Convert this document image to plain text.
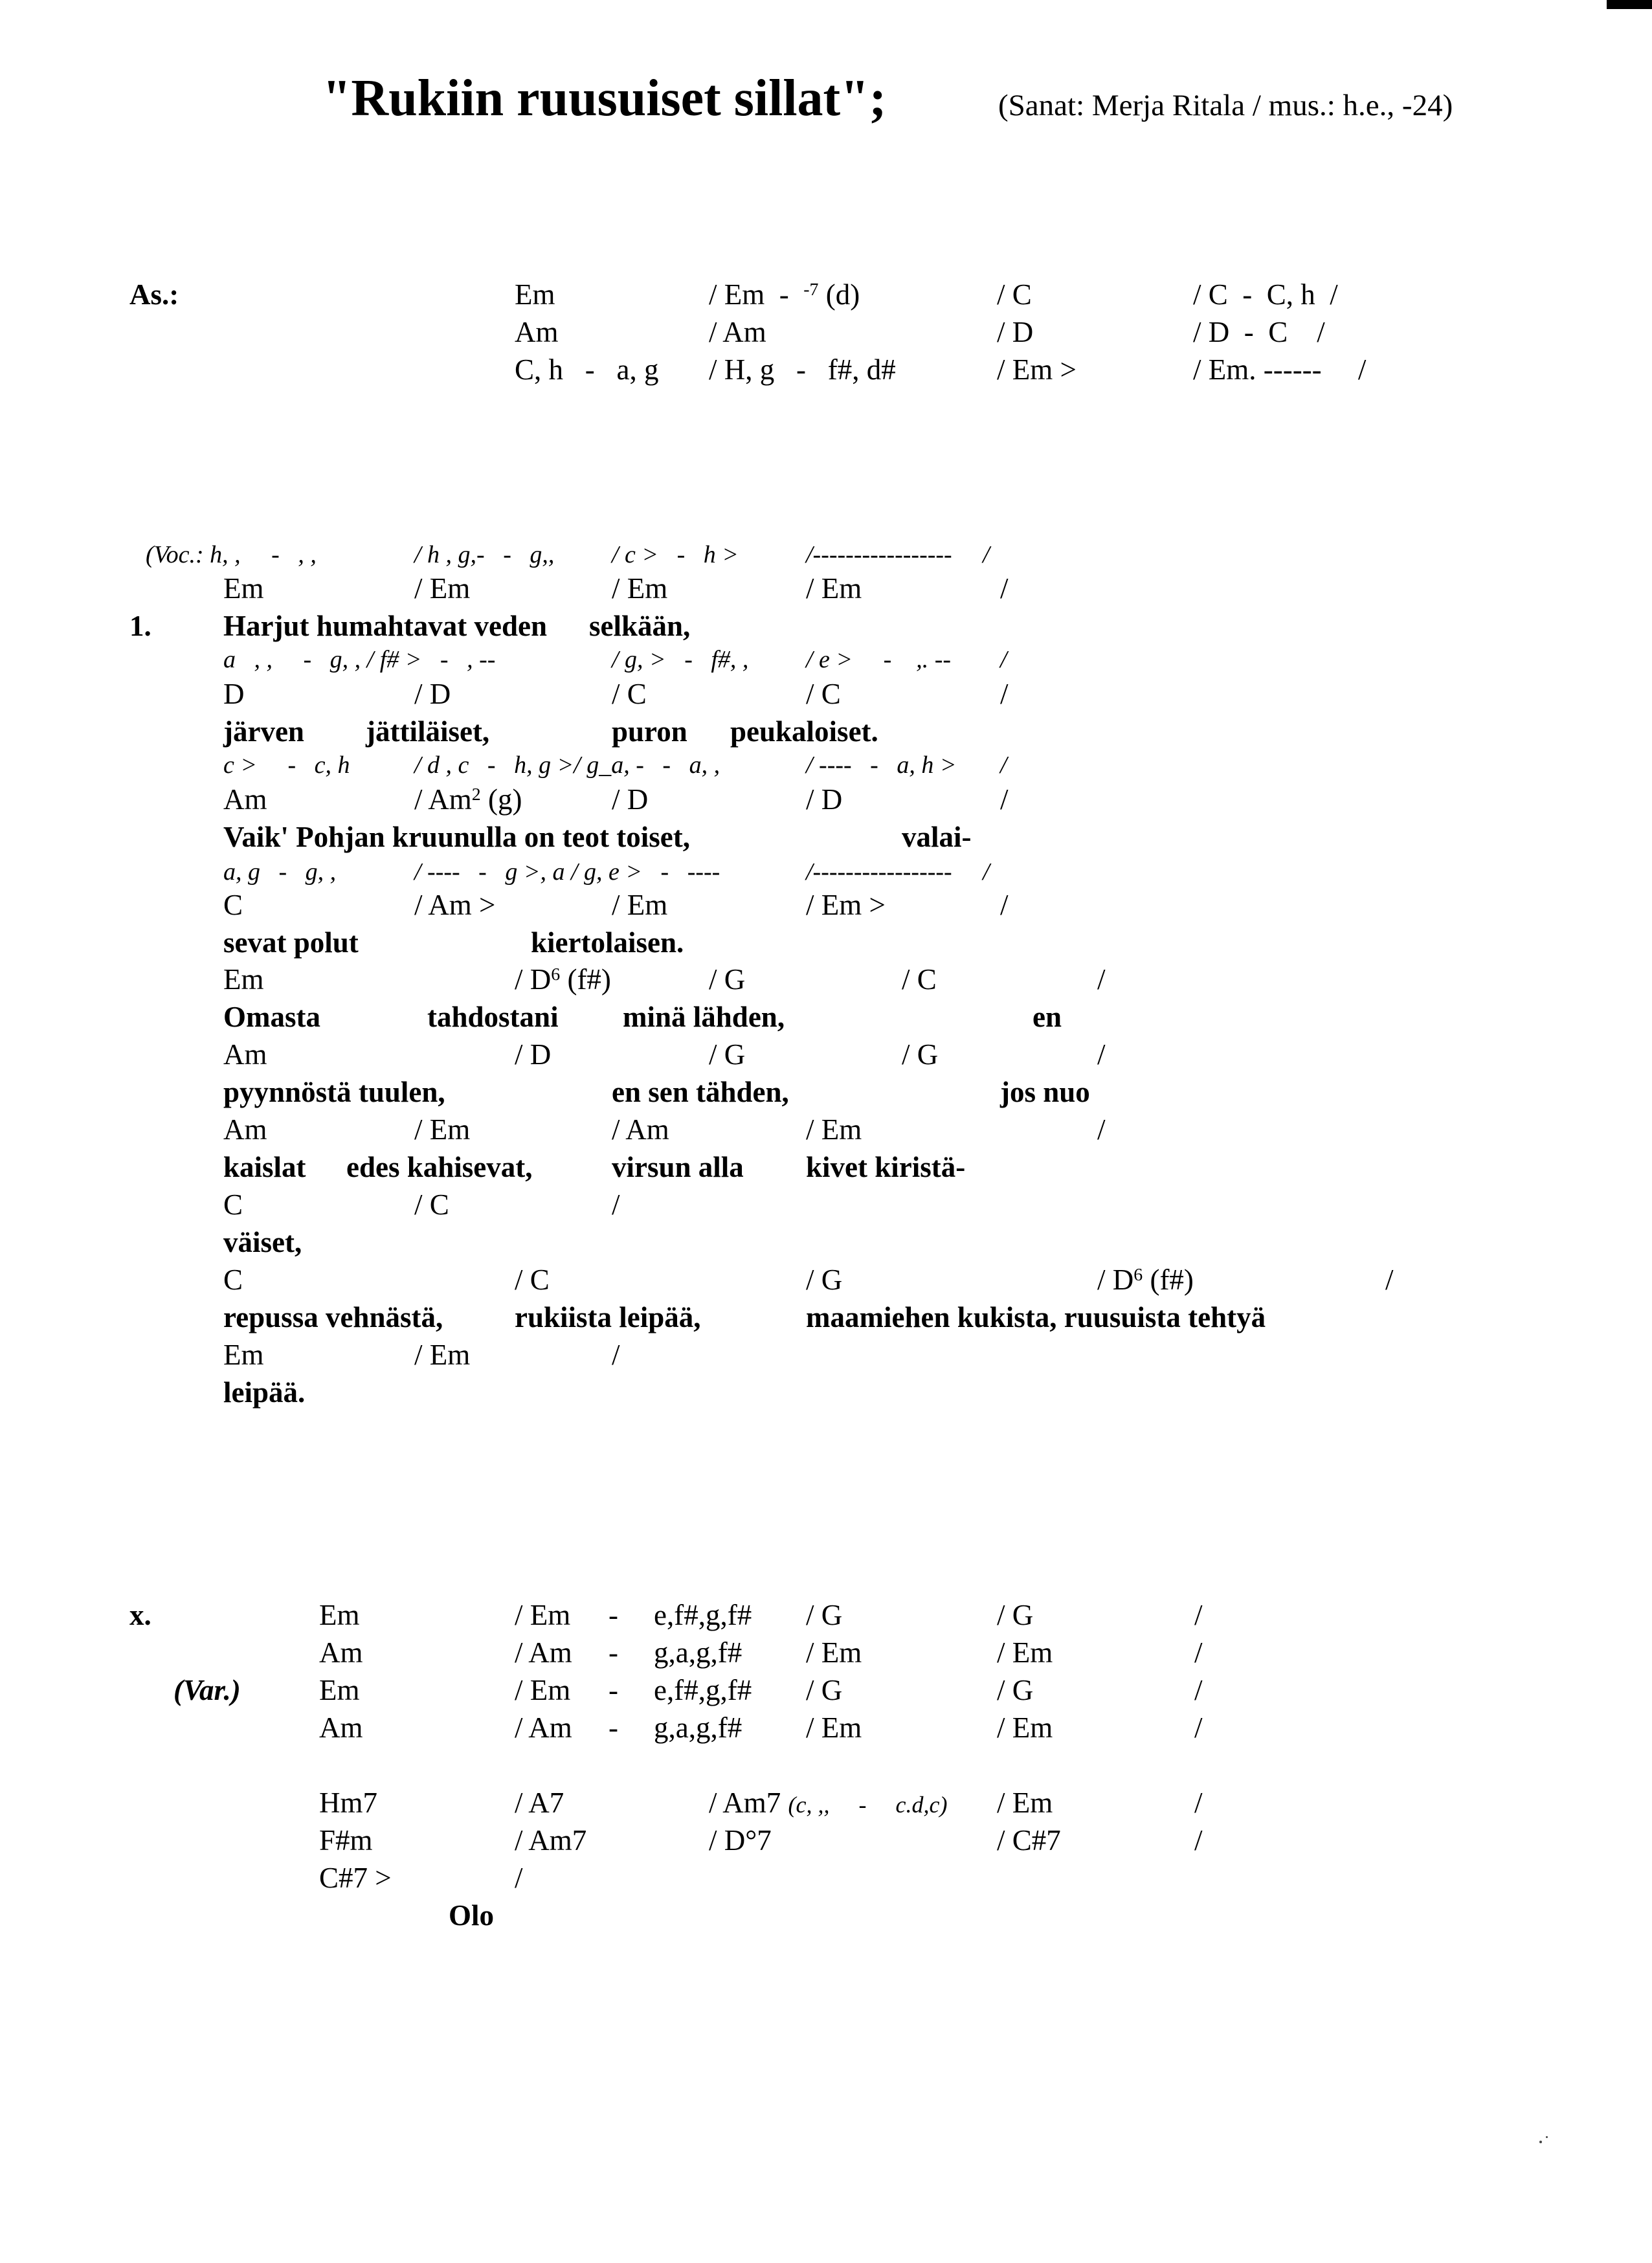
"Rukiin ruusuiset sillat";	(Sanat: Merja Ritala / mus.: h.e., -24)
As.:	Em	/ Em  -  $^{-7}$ (d)	/ C	/ C  -  C, h  /
Am	/ Am	/ D	/ D  -  C    /
C, h   -   a, g / H, g   -   f#, d#	/ Em >	/ Em. ------     /
(Voc.: h, ,     -   , ,	/ h , g,-   -   g,, / c >   -   h >	/-----------------     /
Em	/ Em	/ Em	/ Em	/
1. Harjut humahtavat veden selkään,
a   , ,     -   g, , / f# >   -   , --	/ g, >   -   f#, , / e >     -    ,. -- /
D	/ D	/ C	/ C	/
järven jättiläiset,	puron peukaloiset.
c >     -   c, h	/ d , c   -   h, g >/ g_a, -   -   a, ,	/ ----   -   a, h > /
Am	/ Am$^2$ (g)	/ D	/ D	/
Vaik' Pohjan kruunulla on teot toiset,	valai-
a, g   -   g, ,	/ ----   -   g >, a / g, e >   -   ----	/-----------------     /
C	/ Am >	/ Em	/ Em >	/
sevat polut	kiertolaisen.
Em	/ $D^6$ (f#)	/ G	/ C	/
Omasta	tahdostani minä lähden,	en
Am	/ D	/ G	/ G	/
pyynnöstä tuulen,	en sen tähden,	jos nuo
Am	/ Em	/ Am	/ Em	/
kaislat edes kahisevat,	virsun alla kivet kiristä-
C	/ C	/
väiset,
C	/ C	/ G	/ $D^6$ (f#)	/
repussa vehnästä, rukiista leipää,	maamiehen kukista, ruusuista tehtyä
Em	/ Em	/
leipää.
x.
(Var.)
Em	/ Em - e,f#,g,f# / G	/ G	/
Am	/ Am - g,a,g,f# / Em	/ Em	/
Em	/ Em - e,f#,g,f# / G	/ G	/
Am	/ Am - g,a,g,f# / Em	/ Em	/
Hm7	/ A7	/ Am7 (c, ,,     -     c.d,c) / Em	/
F#m	/ Am7	/ D°7	/ C#7	/
C#7 >	/
Olo
